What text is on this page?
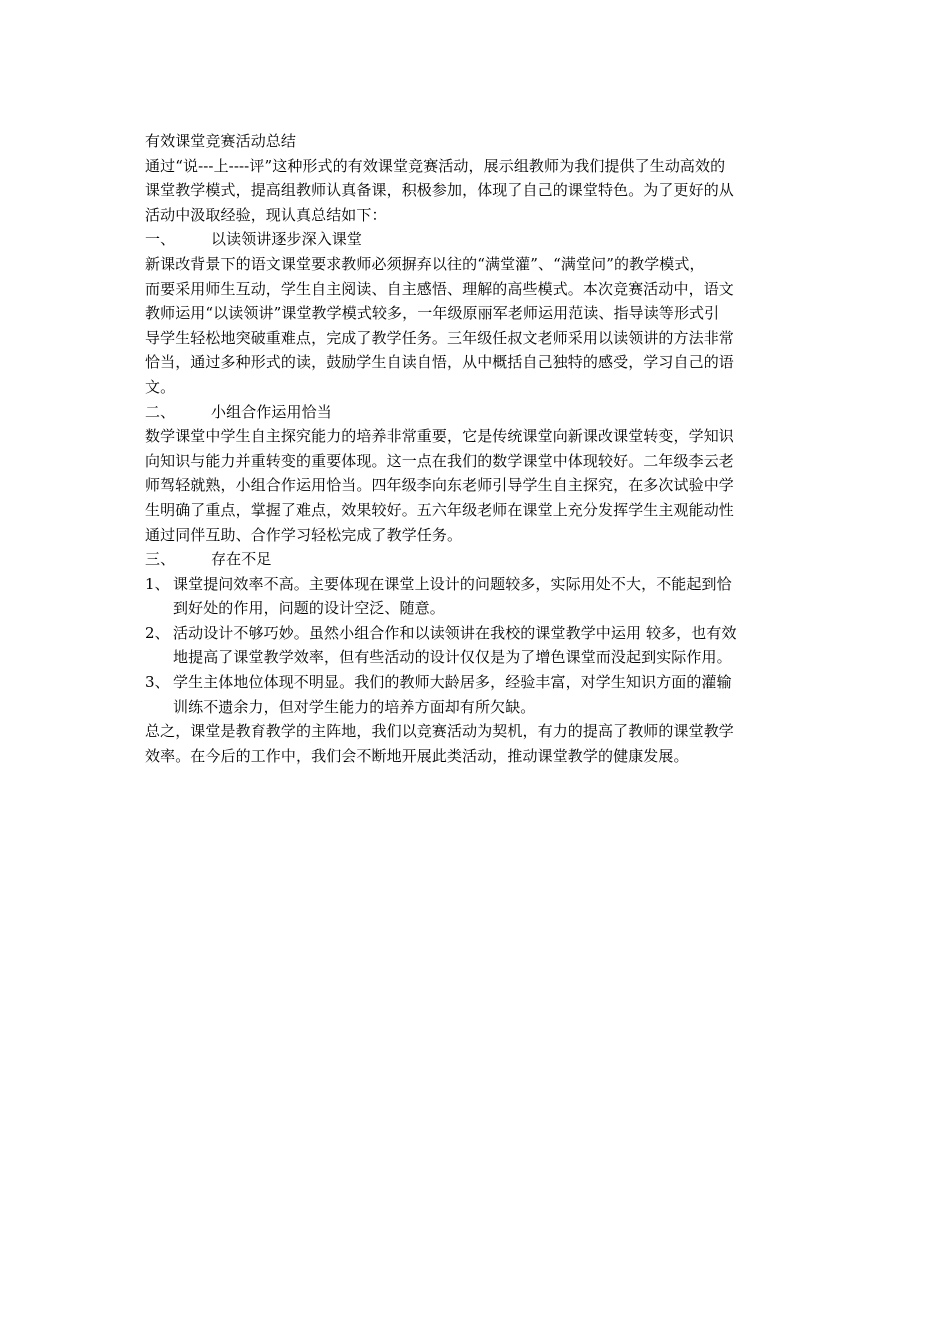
有效课堂竞赛活动总结
通过“说---上----评”这种形式的有效课堂竞赛活动，展示组教师为我们提供了生动高效的
课堂教学模式，提高组教师认真备课，积极参加，体现了自己的课堂特色。为了更好的从
活动中汲取经验，现认真总结如下：
一、 以读领讲逐步深入课堂
新课改背景下的语文课堂要求教师必须摒弃以往的“满堂灌”、“满堂问”的教学模式，
而要采用师生互动，学生自主阅读、自主感悟、理解的高些模式。本次竞赛活动中，语文
教师运用“以读领讲”课堂教学模式较多，一年级原丽军老师运用范读、指导读等形式引
导学生轻松地突破重难点，完成了教学任务。三年级任叔文老师采用以读领讲的方法非常
恰当，通过多种形式的读，鼓励学生自读自悟，从中概括自己独特的感受，学习自己的语
文。
二、 小组合作运用恰当
数学课堂中学生自主探究能力的培养非常重要，它是传统课堂向新课改课堂转变，学知识
向知识与能力并重转变的重要体现。这一点在我们的数学课堂中体现较好。二年级李云老
师驾轻就熟，小组合作运用恰当。四年级李向东老师引导学生自主探究，在多次试验中学
生明确了重点，掌握了难点，效果较好。五六年级老师在课堂上充分发挥学生主观能动性
通过同伴互助、合作学习轻松完成了教学任务。
三、 存在不足
1、 课堂提问效率不高。主要体现在课堂上设计的问题较多，实际用处不大，不能起到恰
到好处的作用，问题的设计空泛、随意。
2、 活动设计不够巧妙。虽然小组合作和以读领讲在我校的课堂教学中运用 较多，也有效
地提高了课堂教学效率，但有些活动的设计仅仅是为了增色课堂而没起到实际作用。
3、 学生主体地位体现不明显。我们的教师大龄居多，经验丰富，对学生知识方面的灌输
训练不遗余力，但对学生能力的培养方面却有所欠缺。
总之，课堂是教育教学的主阵地，我们以竞赛活动为契机，有力的提高了教师的课堂教学
效率。在今后的工作中，我们会不断地开展此类活动，推动课堂教学的健康发展。
